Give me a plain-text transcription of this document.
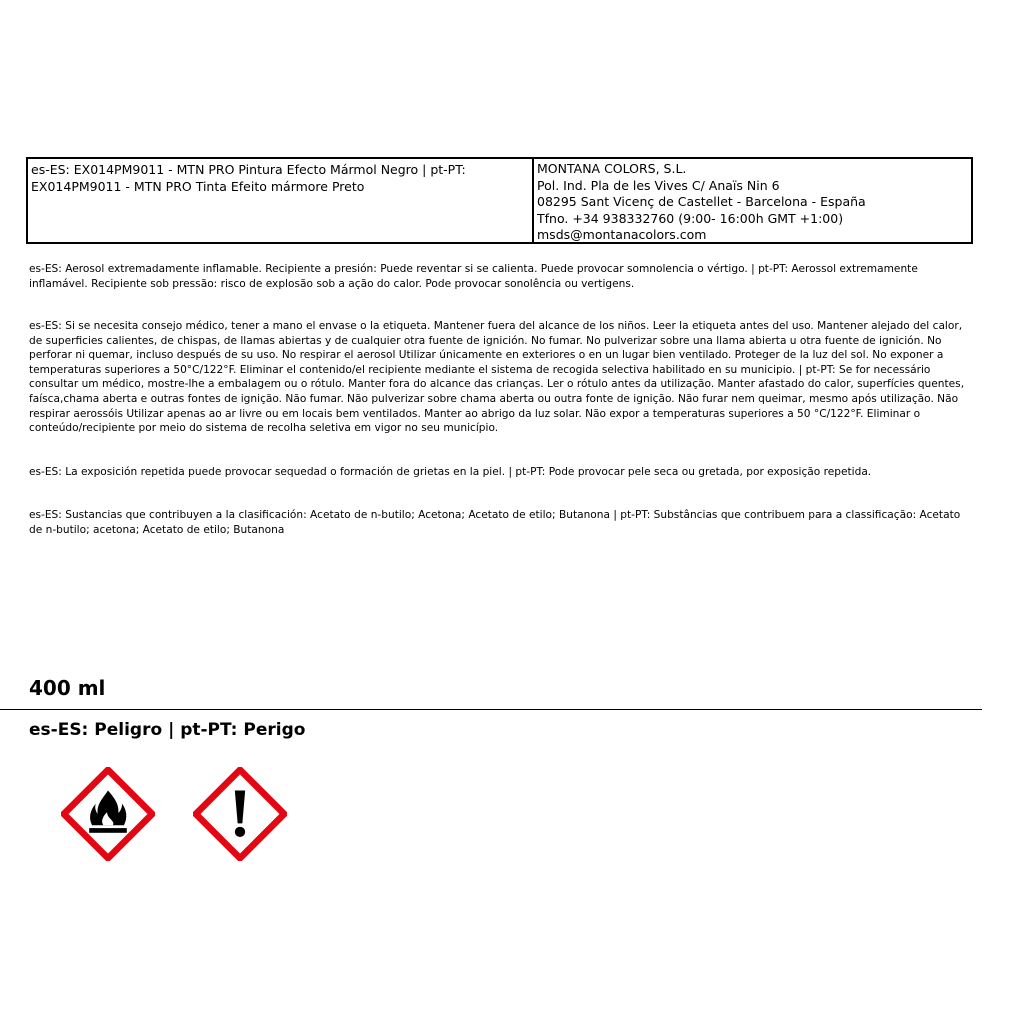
es-ES: EX014PM9011 - MTN PRO Pintura Efecto Mármol Negro | pt-PT: EX014PM9011 - MTN PRO Tinta Efeito mármore Preto
MONTANA COLORS, S.L.
Pol. Ind. Pla de les Vives C/ Anaïs Nin 6
08295 Sant Vicenç de Castellet - Barcelona - España
Tfno. +34 938332760 (9:00- 16:00h GMT +1:00)
msds@montanacolors.com
es-ES: Aerosol extremadamente inflamable. Recipiente a presión: Puede reventar si se calienta. Puede provocar somnolencia o vértigo. | pt-PT: Aerossol extremamente inflamável. Recipiente sob pressão: risco de explosão sob a ação do calor. Pode provocar sonolência ou vertigens.
es-ES: Si se necesita consejo médico, tener a mano el envase o la etiqueta. Mantener fuera del alcance de los niños. Leer la etiqueta antes del uso. Mantener alejado del calor, de superficies calientes, de chispas, de llamas abiertas y de cualquier otra fuente de ignición. No fumar. No pulverizar sobre una llama abierta u otra fuente de ignición. No perforar ni quemar, incluso después de su uso. No respirar el aerosol Utilizar únicamente en exteriores o en un lugar bien ventilado. Proteger de la luz del sol. No exponer a temperaturas superiores a 50°C/122°F. Eliminar el contenido/el recipiente mediante el sistema de recogida selectiva habilitado en su municipio. | pt-PT: Se for necessário consultar um médico, mostre-lhe a embalagem ou o rótulo. Manter fora do alcance das crianças. Ler o rótulo antes da utilização. Manter afastado do calor, superfícies quentes, faísca,chama aberta e outras fontes de ignição. Não fumar. Não pulverizar sobre chama aberta ou outra fonte de ignição. Não furar nem queimar, mesmo após utilização. Não respirar aerossóis Utilizar apenas ao ar livre ou em locais bem ventilados. Manter ao abrigo da luz solar. Não expor a temperaturas superiores a 50 °C/122°F. Eliminar o conteúdo/recipiente por meio do sistema de recolha seletiva em vigor no seu município.
es-ES: La exposición repetida puede provocar sequedad o formación de grietas en la piel. | pt-PT: Pode provocar pele seca ou gretada, por exposição repetida.
es-ES: Sustancias que contribuyen a la clasificación: Acetato de n-butilo; Acetona; Acetato de etilo; Butanona | pt-PT: Substâncias que contribuem para a classificação: Acetato de n-butilo; acetona; Acetato de etilo; Butanona
400 ml
es-ES: Peligro | pt-PT: Perigo
